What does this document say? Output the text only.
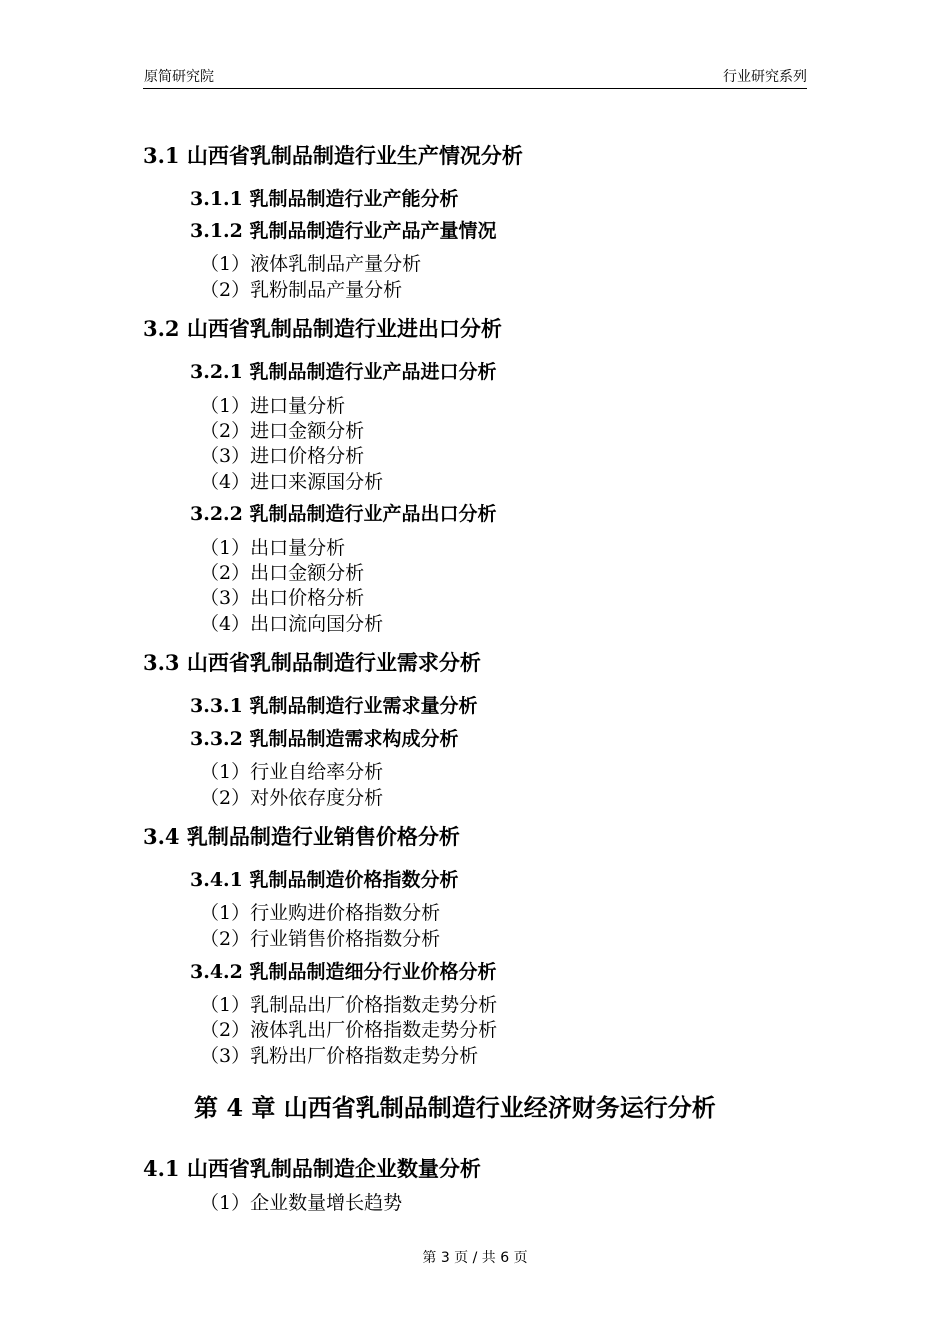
原简研究院	行业研究系列
3.1 山西省乳制品制造行业生产情况分析
3.1.1 乳制品制造行业产能分析
3.1.2 乳制品制造行业产品产量情况
（1）液体乳制品产量分析
（2）乳粉制品产量分析
3.2 山西省乳制品制造行业进出口分析
3.2.1 乳制品制造行业产品进口分析
（1）进口量分析
（2）进口金额分析
（3）进口价格分析
（4）进口来源国分析
3.2.2 乳制品制造行业产品出口分析
（1）出口量分析
（2）出口金额分析
（3）出口价格分析
（4）出口流向国分析
3.3 山西省乳制品制造行业需求分析
3.3.1 乳制品制造行业需求量分析
3.3.2 乳制品制造需求构成分析
（1）行业自给率分析
（2）对外依存度分析
3.4 乳制品制造行业销售价格分析
3.4.1 乳制品制造价格指数分析
（1）行业购进价格指数分析
（2）行业销售价格指数分析
3.4.2 乳制品制造细分行业价格分析
（1）乳制品出厂价格指数走势分析
（2）液体乳出厂价格指数走势分析
（3）乳粉出厂价格指数走势分析
第 4 章 山西省乳制品制造行业经济财务运行分析
4.1 山西省乳制品制造企业数量分析
（1）企业数量增长趋势
第 3 页 / 共 6 页
